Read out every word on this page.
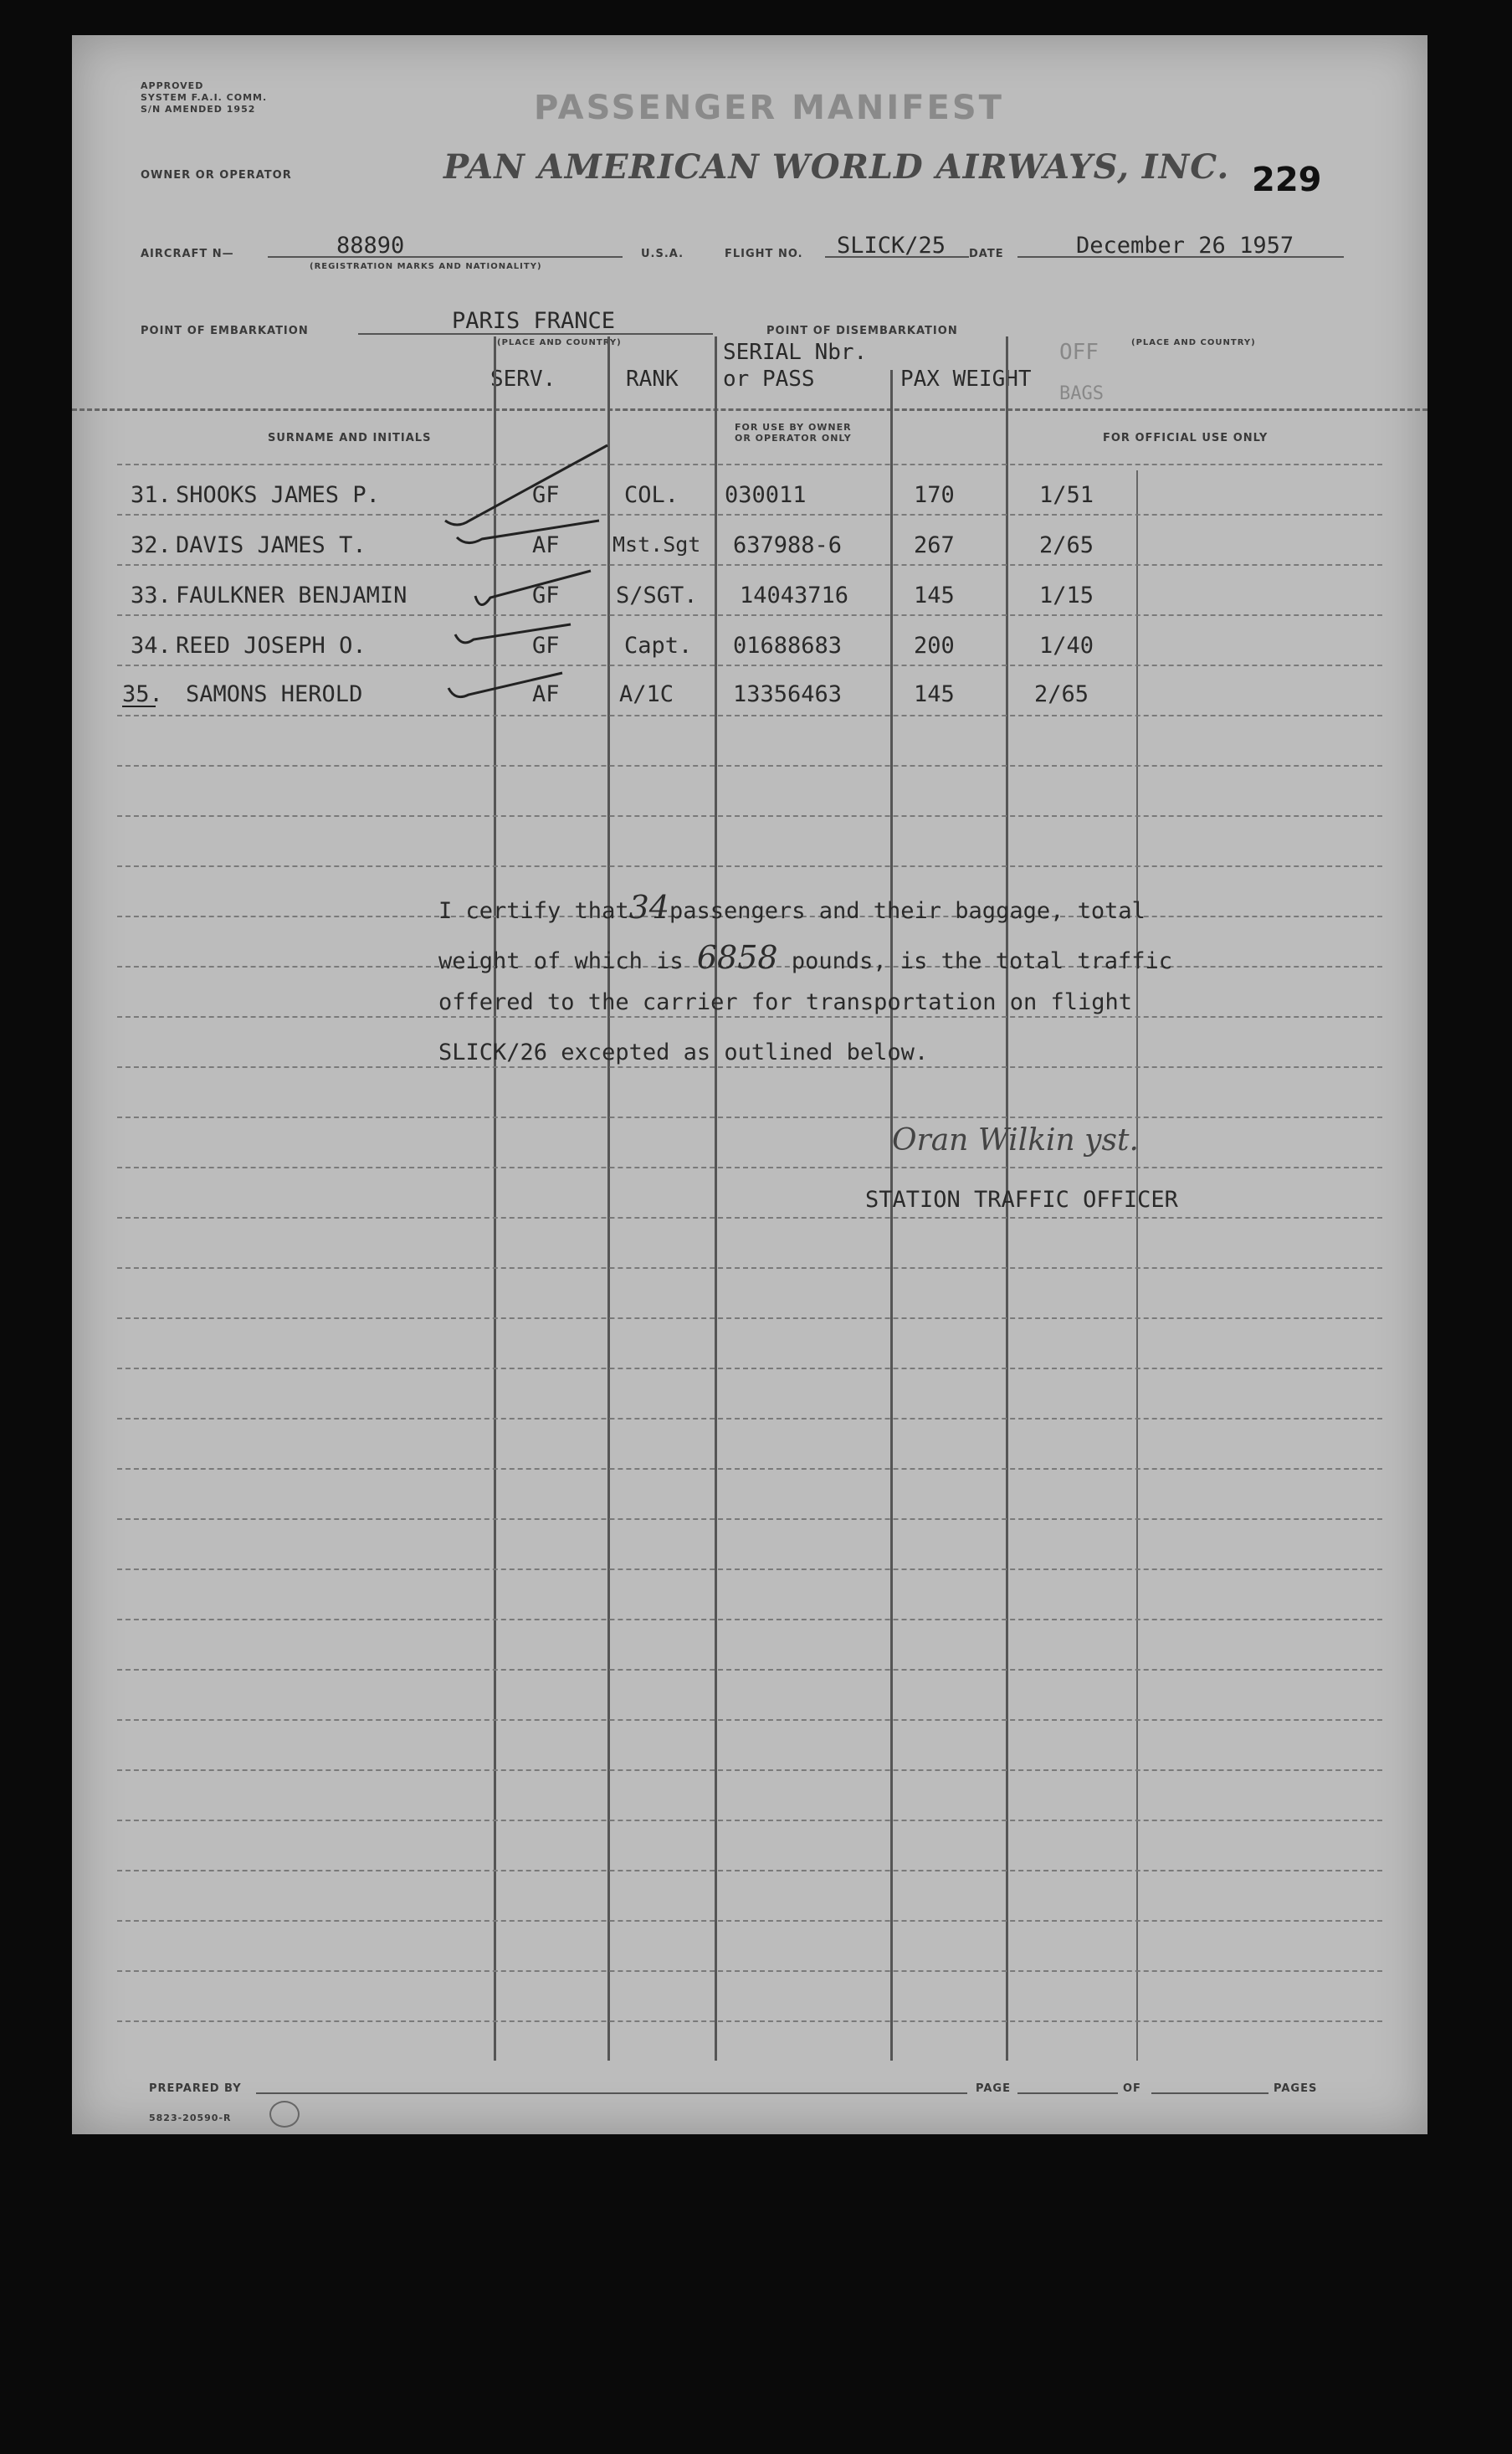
APPROVED
SYSTEM F.A.I. COMM.
S/N AMENDED 1952	PASSENGER MANIFEST
OWNER OR OPERATOR	PAN AMERICAN WORLD AIRWAYS, INC. 229
AIRCRAFT N—	88890
(REGISTRATION MARKS AND NATIONALITY)
U.S.A.	FLIGHT NO. SLICK/25 DATE	December 26 1957
POINT OF EMBARKATION	PARIS FRANCE
(PLACE AND COUNTRY)
POINT OF DISEMBARKATION
OFF	(PLACE AND COUNTRY)
SERV.	RANK
SERIAL Nbr.
or PASS	PAX WEIGHT
BAGS
SURNAME AND INITIALS
FOR USE BY OWNER
OR OPERATOR ONLY	FOR OFFICIAL USE ONLY
31. SHOOKS JAMES P.	GF	COL. 030011	170	1/51
32. DAVIS JAMES T.	AF	Mst.Sgt 637988-6	267	2/65
33. FAULKNER BENJAMIN	GF S/SGT. 14043716	145	1/15
34. REED JOSEPH O.	GF	Capt. 01688683	200	1/40
35. SAMONS HEROLD	AF	A/1C	13356463	145	2/65
I certify that34passengers and their baggage, total
weight of which is 6858 pounds, is the total traffic
offered to the carrier for transportation on flight
SLICK/26 excepted as outlined below.
Oran Wilkin yst.
STATION TRAFFIC OFFICER
PREPARED BY	PAGE	OF	PAGES
5823-20590-R
